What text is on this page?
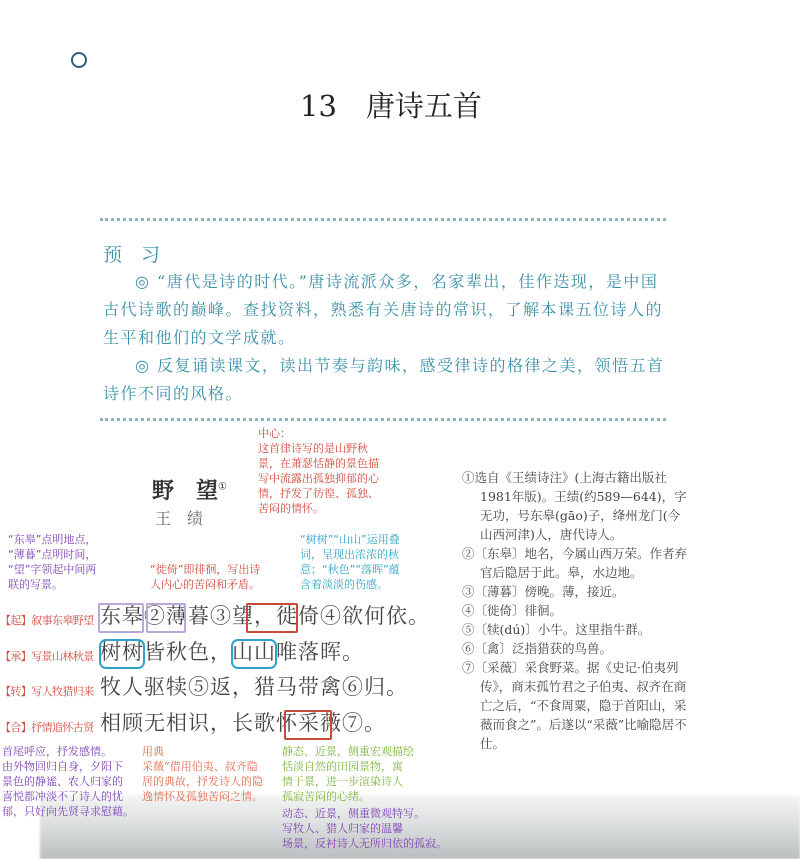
13　唐诗五首
预　习

◎ “唐代是诗的时代。”唐诗流派众多，名家辈出，佳作迭现，是中国古代诗歌的巅峰。查找资料，熟悉有关唐诗的常识，了解本课五位诗人的生平和他们的文学成就。

◎ 反复诵读课文，读出节奏与韵味，感受律诗的格律之美，领悟五首诗作不同的风格。

野　望①
王　绩
东皋②薄暮③望，徙倚④欲何依。
树树皆秋色，山山唯落晖。
牧人驱犊⑤返，猎马带禽⑥归。
相顾无相识，长歌怀采薇⑦。
【起】叙事东皋野望
【承】写景山林秋景
【转】写人牧猎归来
【合】抒情追怀古贤
中心：
这首律诗写的是山野秋
景，在萧瑟恬静的景色描
写中流露出孤独抑郁的心
情，抒发了彷徨、孤独、
苦闷的情怀。
“东皋”点明地点，
“薄暮”点明时间，
“望”字领起中间两
联的写景。
“徙倚”即徘徊，写出诗
人内心的苦闷和矛盾。
“树树”“山山”运用叠
词，呈现出浓浓的秋
意；“秋色”“落晖”蕴
含着淡淡的伤感。
首尾呼应，抒发感情。
由外物回归自身，夕阳下
景色的静谧、农人归家的
喜悦都冲淡不了诗人的忧
郁，只好向先贤寻求慰藉。
用典
采薇”借用伯夷、叔齐隐
居的典故，抒发诗人的隐
逸情怀及孤独苦闷之情。
静态、近景，侧重宏观描绘
恬淡自然的田园景物，寓
情于景，进一步渲染诗人
孤寂苦闷的心绪。
动态、近景，侧重微观特写。
写牧人、猎人归家的温馨
场景，反衬诗人无所归依的孤寂。
①选自《王绩诗注》(上海古籍出版社1981年版)。王绩(约589—644)，字无功，号东皋(gāo)子，绛州龙门(今山西河津)人，唐代诗人。
②〔东皋〕地名，今属山西万荣。作者弃官后隐居于此。皋，水边地。
③〔薄暮〕傍晚。薄，接近。
④〔徙倚〕徘徊。
⑤〔犊(dú)〕小牛。这里指牛群。
⑥〔禽〕泛指猎获的鸟兽。
⑦〔采薇〕采食野菜。据《史记·伯夷列传》，商末孤竹君之子伯夷、叔齐在商亡之后，“不食周粟，隐于首阳山，采薇而食之”。后遂以“采薇”比喻隐居不仕。
